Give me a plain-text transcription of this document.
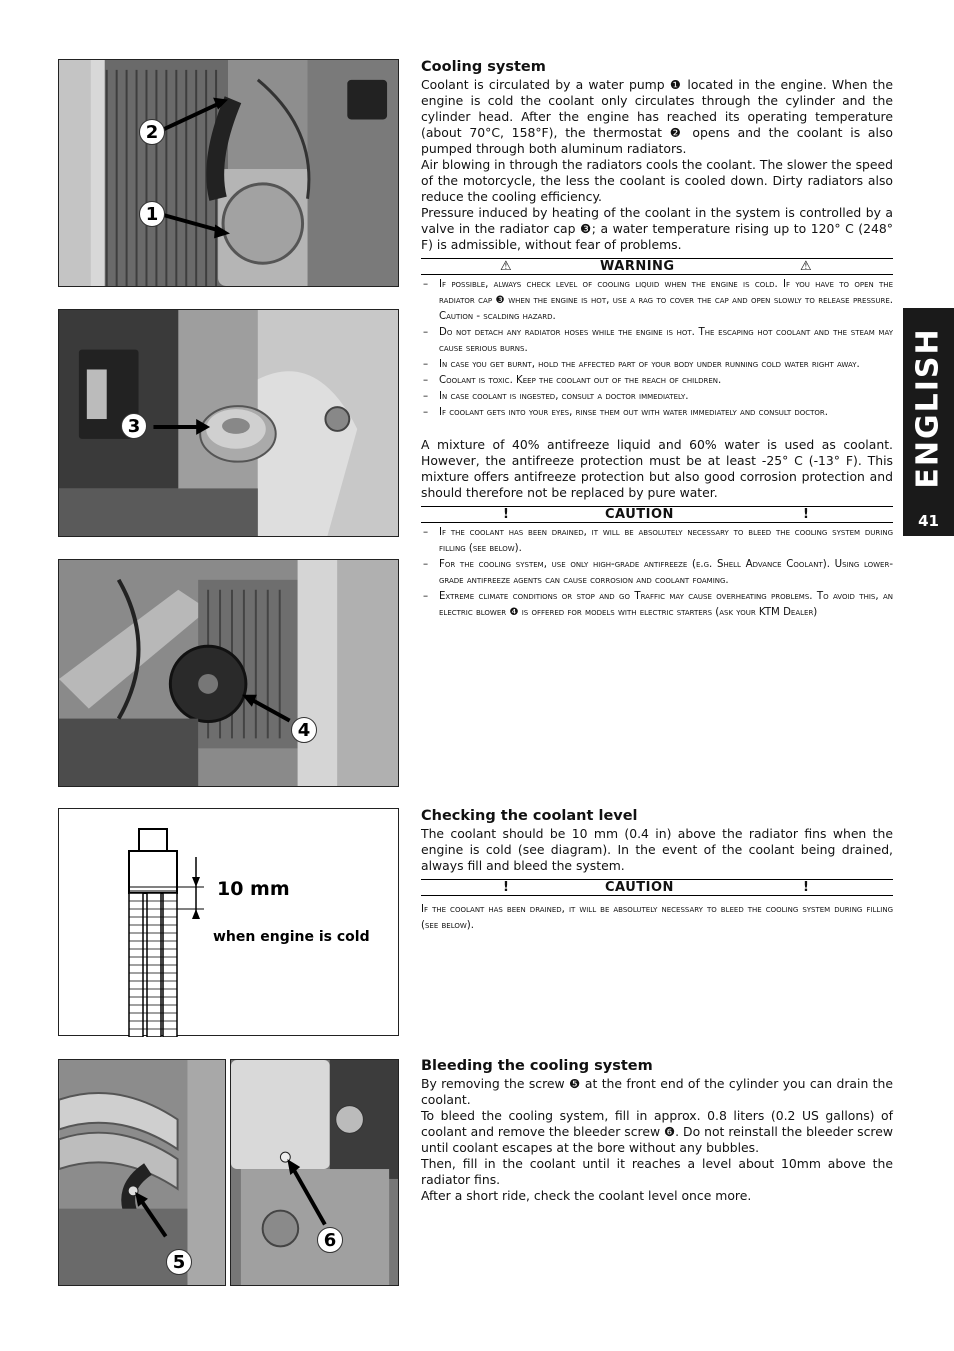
2
1
3
4
10 mm
when engine is cold
5
6
ENGLISH
41
Cooling system

Coolant is circulated by a water pump ❶ located in the engine. When the engine is cold the coolant only circulates through the cylinder and the cylinder head. After the engine has reached its operating temperature (about 70°C, 158°F), the thermostat ❷ opens and the coolant is also pumped through both aluminum radiators.

Air blowing in through the radiators cools the coolant. The slower the speed of the motorcycle, the less the coolant is cooled down. Dirty radiators also reduce the cooling efficiency.

Pressure induced by heating of the coolant in the system is controlled by a valve in the radiator cap ❸; a water temperature rising up to 120° C (248° F) is admissible, without fear of problems.

⚠	WARNING	⚠
– If possible, always check level of cooling liquid when the engine is cold. If you have to open the radiator cap ❸ when the engine is hot, use a rag to cover the cap and open slowly to release pressure. Caution - scalding hazard.
– Do not detach any radiator hoses while the engine is hot. The escaping hot coolant and the steam may cause serious burns.
– In case you get burnt, hold the affected part of your body under running cold water right away.
– Coolant is toxic. Keep the coolant out of the reach of children.
– In case coolant is ingested, consult a doctor immediately.
– If coolant gets into your eyes, rinse them out with water immediately and consult doctor.

A mixture of 40% antifreeze liquid and 60% water is used as coolant. However, the antifreeze protection must be at least -25° C (-13° F). This mixture offers antifreeze protection but also good corrosion protection and should therefore not be replaced by pure water.

!	CAUTION	!
– If the coolant has been drained, it will be absolutely necessary to bleed the cooling system during filling (see below).
– For the cooling system, use only high-grade antifreeze (e.g. Shell Advance Coolant). Using lower-grade antifreeze agents can cause corrosion and coolant foaming.
– Extreme climate conditions or stop and go Traffic may cause overheating problems. To avoid this, an electric blower ❹ is offered for models with electric starters (ask your KTM Dealer)
Checking the coolant level

The coolant should be 10 mm (0.4 in) above the radiator fins when the engine is cold (see diagram). In the event of the coolant being drained, always fill and bleed the system.

!	CAUTION	!
If the coolant has been drained, it will be absolutely necessary to bleed the cooling system during filling (see below).
Bleeding the cooling system

By removing the screw ❺ at the front end of the cylinder you can drain the coolant.

To bleed the cooling system, fill in approx. 0.8 liters (0.2 US gallons) of coolant and remove the bleeder screw ❻. Do not reinstall the bleeder screw until coolant escapes at the bore without any bubbles.

Then, fill in the coolant until it reaches a level about 10mm above the radiator fins.

After a short ride, check the coolant level once more.
